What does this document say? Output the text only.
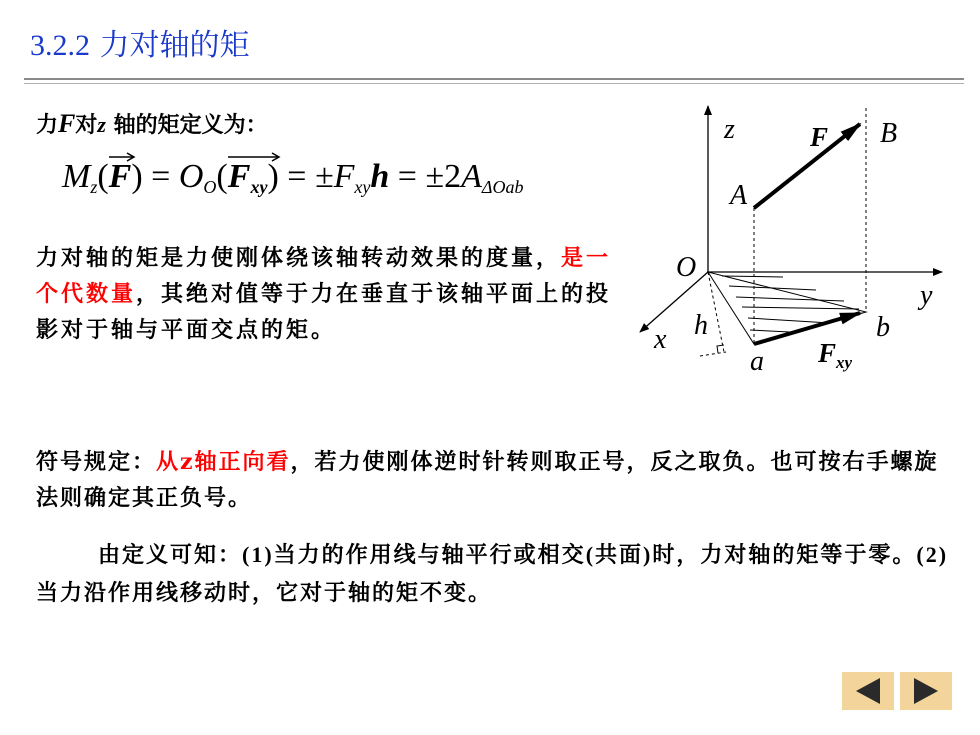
3.2.2 力对轴的矩
力F对z 轴的矩定义为：
$M_z$(
$F) = O_O$(
$F_{xy}) = \pm F_{xy}h = \pm 2A_{\Delta Oab}$
力对轴的矩是力使刚体绕该轴转动效果的度量，是一个代数量，其绝对值等于力在垂直于该轴平面上的投影对于轴与平面交点的矩。
z	F B
A
O
y
h	b
x
a $F_{xy}$
符号规定：从z轴正向看，若力使刚体逆时针转则取正号，反之取负。也可按右手螺旋法则确定其正负号。
由定义可知：(1)当力的作用线与轴平行或相交(共面)时，力对轴的矩等于零。(2)当力沿作用线移动时，它对于轴的矩不变。
